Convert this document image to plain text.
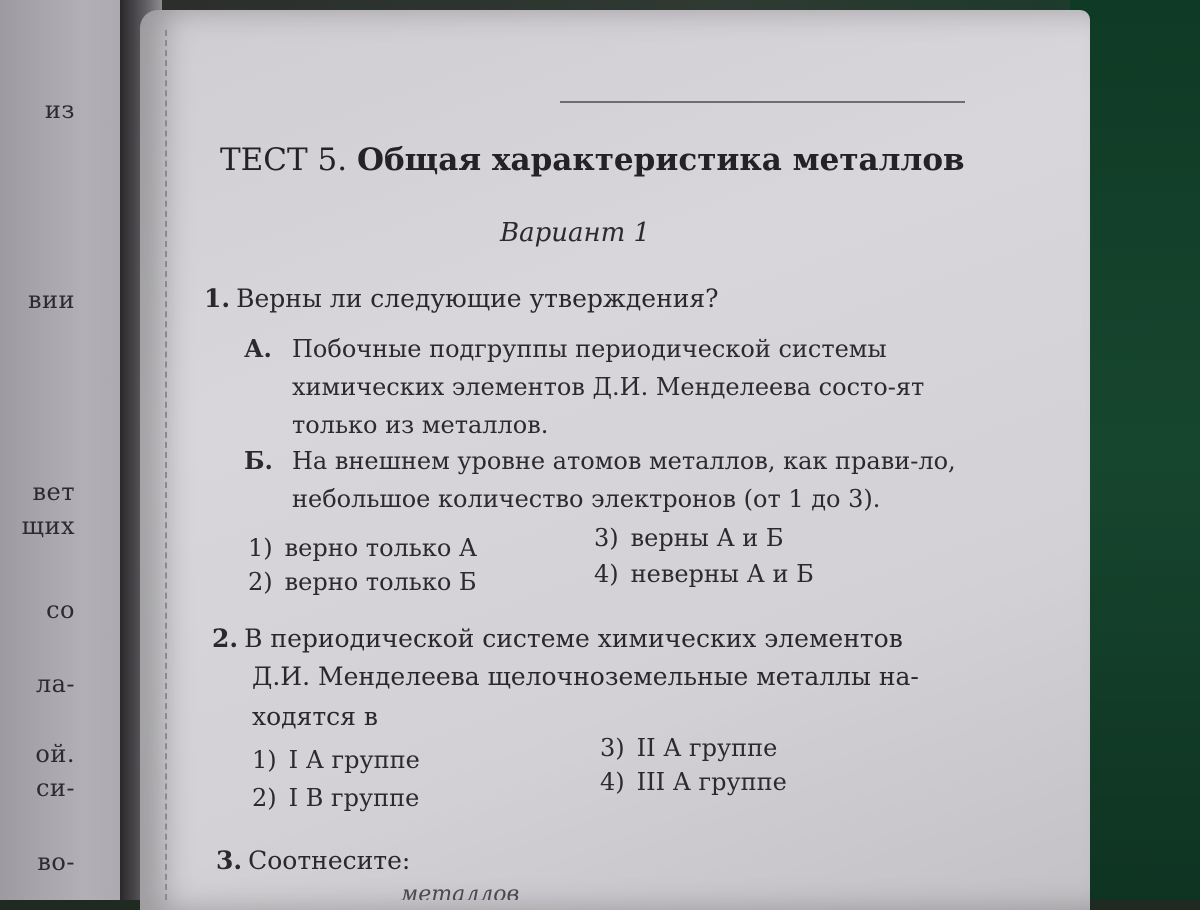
из
вии
вет
щих
со
ла-
ой.
си-
во-
ТЕСТ 5. Общая характеристика металлов
Вариант 1
1. Верны ли следующие утверждения?
А. Побочные подгруппы периодической системы химических элементов Д.И. Менделеева состо-ят только из металлов.
Б. На внешнем уровне атомов металлов, как прави-ло, небольшое количество электронов (от 1 до 3).
1) верно только А
2) верно только Б
3) верны А и Б
4) неверны А и Б
2. В периодической системе химических элементов
Д.И. Менделеева щелочноземельные металлы на-
ходятся в
1) I А группе
2) I В группе
3) II А группе
4) III А группе
3. Соотнесите:
металлов
